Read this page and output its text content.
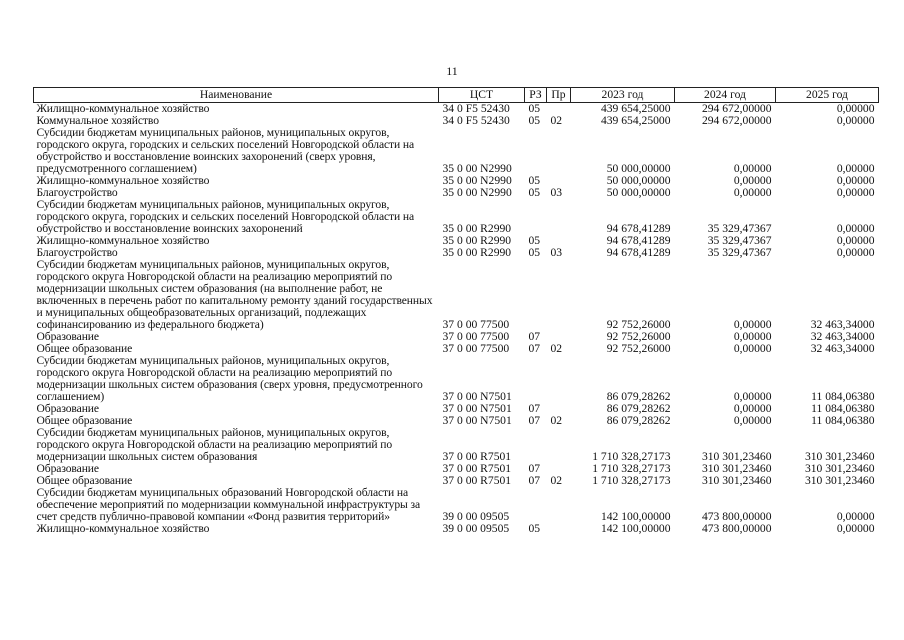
11
Наименование	ЦСТ	РЗ	Пр	2023 год	2024 год	2025 год
Жилищно-коммунальное хозяйство	34 0 F5 52430	05		439 654,25000	294 672,00000	0,00000
Коммунальное хозяйство	34 0 F5 52430	05	02	439 654,25000	294 672,00000	0,00000
Субсидии бюджетам муниципальных районов, муниципальных округов, городского округа, городских и сельских поселений Новгородской области на обустройство и восстановление воинских захоронений (сверх уровня, предусмотренного соглашением)	35 0 00 N2990			50 000,00000	0,00000	0,00000
Жилищно-коммунальное хозяйство	35 0 00 N2990	05		50 000,00000	0,00000	0,00000
Благоустройство	35 0 00 N2990	05	03	50 000,00000	0,00000	0,00000
Субсидии бюджетам муниципальных районов, муниципальных округов, городского округа, городских и сельских поселений Новгородской области на обустройство и восстановление воинских захоронений	35 0 00 R2990			94 678,41289	35 329,47367	0,00000
Жилищно-коммунальное хозяйство	35 0 00 R2990	05		94 678,41289	35 329,47367	0,00000
Благоустройство	35 0 00 R2990	05	03	94 678,41289	35 329,47367	0,00000
Субсидии бюджетам муниципальных районов, муниципальных округов, городского округа Новгородской области на реализацию мероприятий по модернизации школьных систем образования (на выполнение работ, не включенных в перечень работ по капитальному ремонту зданий государственных и муниципальных общеобразовательных организаций, подлежащих софинансированию из федерального бюджета)	37 0 00 77500			92 752,26000	0,00000	32 463,34000
Образование	37 0 00 77500	07		92 752,26000	0,00000	32 463,34000
Общее образование	37 0 00 77500	07	02	92 752,26000	0,00000	32 463,34000
Субсидии бюджетам муниципальных районов, муниципальных округов, городского округа Новгородской области на реализацию мероприятий по модернизации школьных систем образования (сверх уровня, предусмотренного соглашением)	37 0 00 N7501			86 079,28262	0,00000	11 084,06380
Образование	37 0 00 N7501	07		86 079,28262	0,00000	11 084,06380
Общее образование	37 0 00 N7501	07	02	86 079,28262	0,00000	11 084,06380
Субсидии бюджетам муниципальных районов, муниципальных округов, городского округа Новгородской области на реализацию мероприятий по модернизации школьных систем образования	37 0 00 R7501			1 710 328,27173	310 301,23460	310 301,23460
Образование	37 0 00 R7501	07		1 710 328,27173	310 301,23460	310 301,23460
Общее образование	37 0 00 R7501	07	02	1 710 328,27173	310 301,23460	310 301,23460
Субсидии бюджетам муниципальных образований Новгородской области на обеспечение мероприятий по модернизации коммунальной инфраструктуры за счет средств публично-правовой компании «Фонд развития территорий»	39 0 00 09505			142 100,00000	473 800,00000	0,00000
Жилищно-коммунальное хозяйство	39 0 00 09505	05		142 100,00000	473 800,00000	0,00000
